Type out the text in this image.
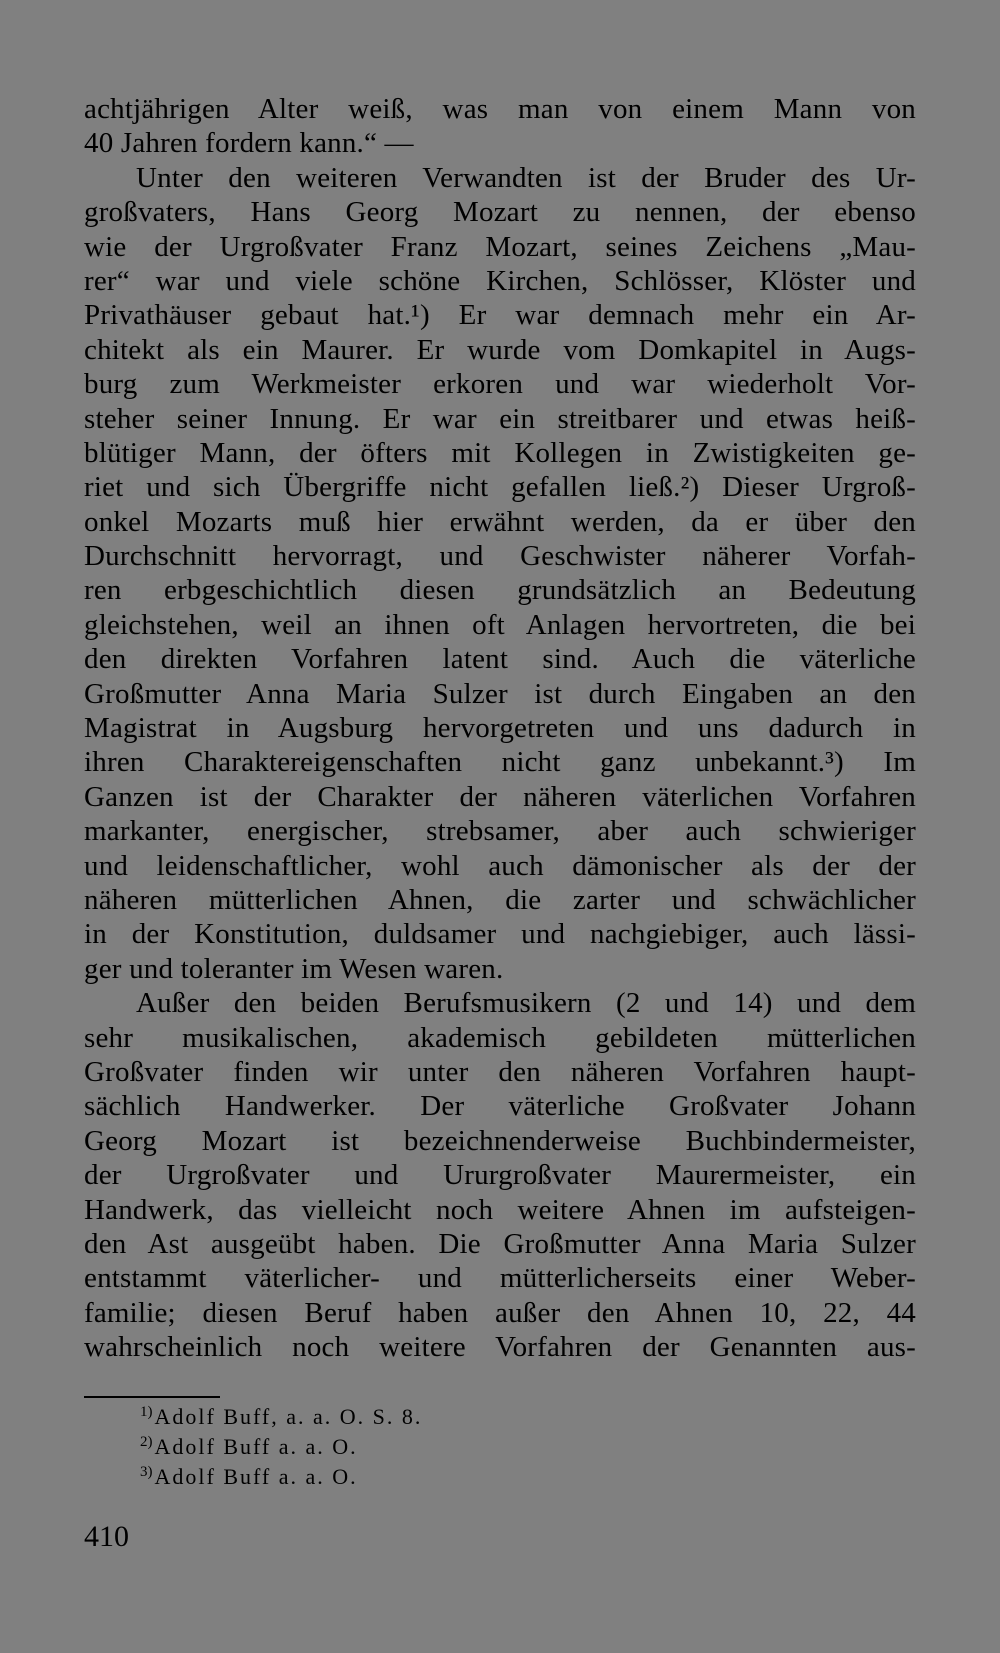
achtjährigen Alter weiß, was man von einem Mann von
40 Jahren fordern kann.“ —
Unter den weiteren Verwandten ist der Bruder des Ur-
großvaters, Hans Georg Mozart zu nennen, der ebenso
wie der Urgroßvater Franz Mozart, seines Zeichens „Mau-
rer“ war und viele schöne Kirchen, Schlösser, Klöster und
Privathäuser gebaut hat.¹) Er war demnach mehr ein Ar-
chitekt als ein Maurer. Er wurde vom Domkapitel in Augs-
burg zum Werkmeister erkoren und war wiederholt Vor-
steher seiner Innung. Er war ein streitbarer und etwas heiß-
blütiger Mann, der öfters mit Kollegen in Zwistigkeiten ge-
riet und sich Übergriffe nicht gefallen ließ.²) Dieser Urgroß-
onkel Mozarts muß hier erwähnt werden, da er über den
Durchschnitt hervorragt, und Geschwister näherer Vorfah-
ren erbgeschichtlich diesen grundsätzlich an Bedeutung
gleichstehen, weil an ihnen oft Anlagen hervortreten, die bei
den direkten Vorfahren latent sind. Auch die väterliche
Großmutter Anna Maria Sulzer ist durch Eingaben an den
Magistrat in Augsburg hervorgetreten und uns dadurch in
ihren Charaktereigenschaften nicht ganz unbekannt.³) Im
Ganzen ist der Charakter der näheren väterlichen Vorfahren
markanter, energischer, strebsamer, aber auch schwieriger
und leidenschaftlicher, wohl auch dämonischer als der der
näheren mütterlichen Ahnen, die zarter und schwächlicher
in der Konstitution, duldsamer und nachgiebiger, auch lässi-
ger und toleranter im Wesen waren.
Außer den beiden Berufsmusikern (2 und 14) und dem
sehr musikalischen, akademisch gebildeten mütterlichen
Großvater finden wir unter den näheren Vorfahren haupt-
sächlich Handwerker. Der väterliche Großvater Johann
Georg Mozart ist bezeichnenderweise Buchbindermeister,
der Urgroßvater und Ururgroßvater Maurermeister, ein
Handwerk, das vielleicht noch weitere Ahnen im aufsteigen-
den Ast ausgeübt haben. Die Großmutter Anna Maria Sulzer
entstammt väterlicher- und mütterlicherseits einer Weber-
familie; diesen Beruf haben außer den Ahnen 10, 22, 44
wahrscheinlich noch weitere Vorfahren der Genannten aus-
$^{1)}$Adolf Buff, a. a. O. S. 8.
$^{2)}$Adolf Buff a. a. O.
$^{3)}$Adolf Buff a. a. O.
410
